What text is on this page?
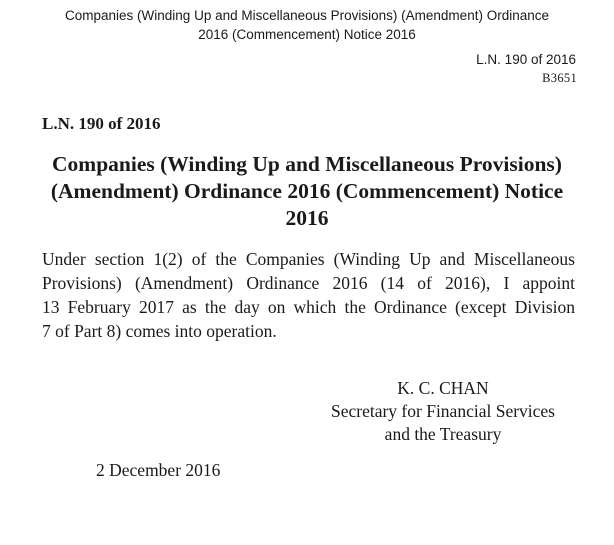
Companies (Winding Up and Miscellaneous Provisions) (Amendment) Ordinance
2016 (Commencement) Notice 2016
L.N. 190 of 2016
B3651
L.N. 190 of 2016
Companies (Winding Up and Miscellaneous Provisions)
(Amendment) Ordinance 2016 (Commencement) Notice
2016
Under section 1(2) of the Companies (Winding Up and Miscellaneous
Provisions) (Amendment) Ordinance 2016 (14 of 2016), I appoint
13 February 2017 as the day on which the Ordinance (except Division
7 of Part 8) comes into operation.
K. C. CHAN
Secretary for Financial Services
and the Treasury
2 December 2016
